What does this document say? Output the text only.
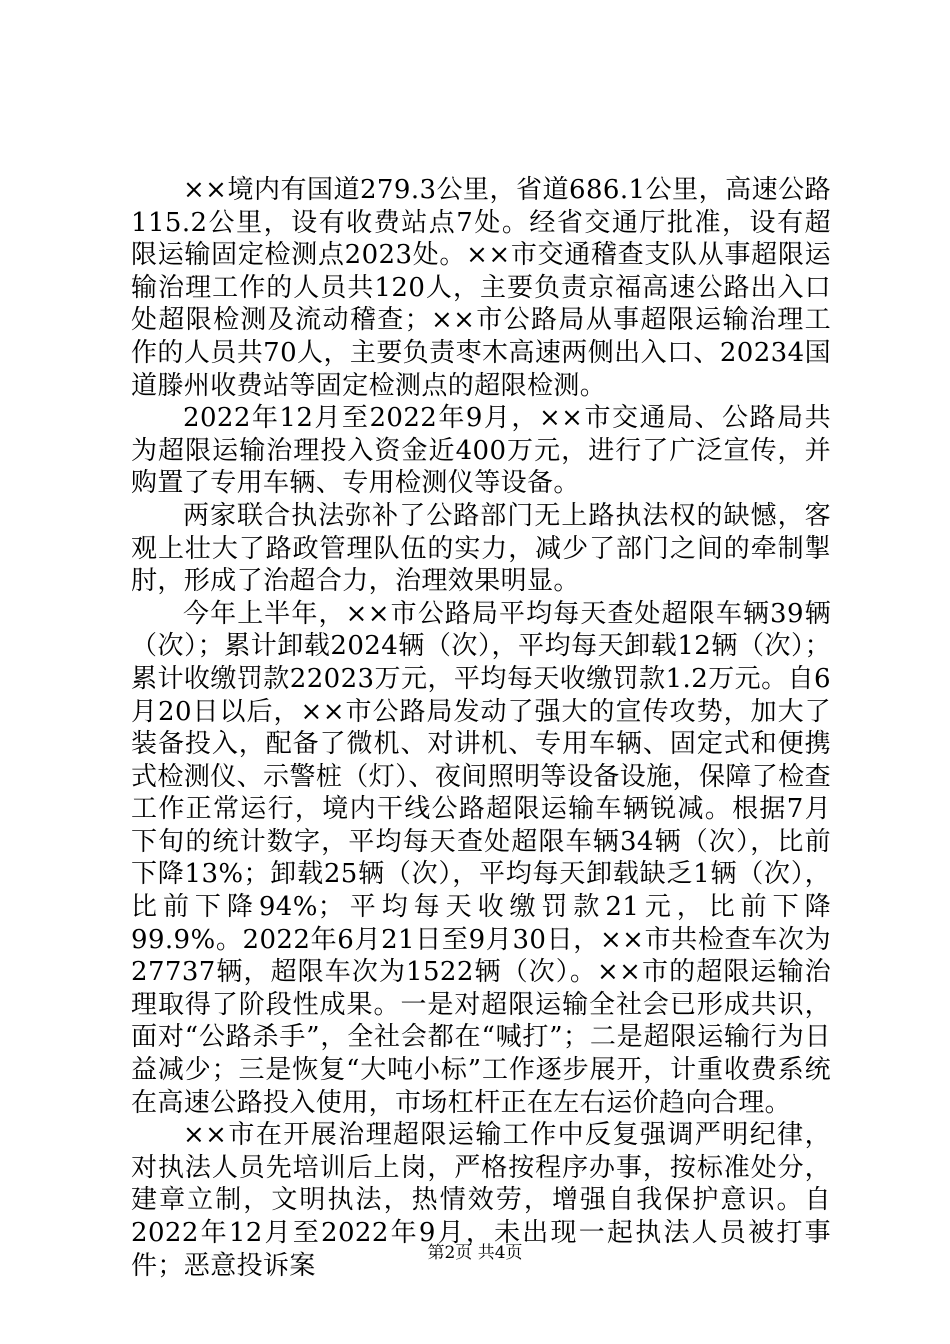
××境内有国道279.3公里，省道686.1公里，高速公路115.2公里，设有收费站点7处。经省交通厅批准，设有超限运输固定检测点2023处。××市交通稽查支队从事超限运输治理工作的人员共120人，主要负责京福高速公路出入口处超限检测及流动稽查；××市公路局从事超限运输治理工作的人员共70人，主要负责枣木高速两侧出入口、20234国道滕州收费站等固定检测点的超限检测。

2022年12月至2022年9月，××市交通局、公路局共为超限运输治理投入资金近400万元，进行了广泛宣传，并购置了专用车辆、专用检测仪等设备。

两家联合执法弥补了公路部门无上路执法权的缺憾，客观上壮大了路政管理队伍的实力，减少了部门之间的牵制掣肘，形成了治超合力，治理效果明显。

今年上半年，××市公路局平均每天查处超限车辆39辆（次）；累计卸载2024辆（次），平均每天卸载12辆（次）；累计收缴罚款22023万元，平均每天收缴罚款1.2万元。自6月20日以后，××市公路局发动了强大的宣传攻势，加大了装备投入，配备了微机、对讲机、专用车辆、固定式和便携式检测仪、示警桩（灯）、夜间照明等设备设施，保障了检查工作正常运行，境内干线公路超限运输车辆锐减。根据7月下旬的统计数字，平均每天查处超限车辆34辆（次），比前下降13%；卸载25辆（次），平均每天卸载缺乏1辆（次），比前下降94%；平均每天收缴罚款21元，比前下降99.9%。2022年6月21日至9月30日，××市共检查车次为27737辆，超限车次为1522辆（次）。××市的超限运输治理取得了阶段性成果。一是对超限运输全社会已形成共识，面对“公路杀手”，全社会都在“喊打”；二是超限运输行为日益减少；三是恢复“大吨小标”工作逐步展开，计重收费系统在高速公路投入使用，市场杠杆正在左右运价趋向合理。

××市在开展治理超限运输工作中反复强调严明纪律，对执法人员先培训后上岗，严格按程序办事，按标准处分，建章立制，文明执法，热情效劳，增强自我保护意识。自2022年12月至2022年9月，未出现一起执法人员被打事件；恶意投诉案	第2页 共4页
